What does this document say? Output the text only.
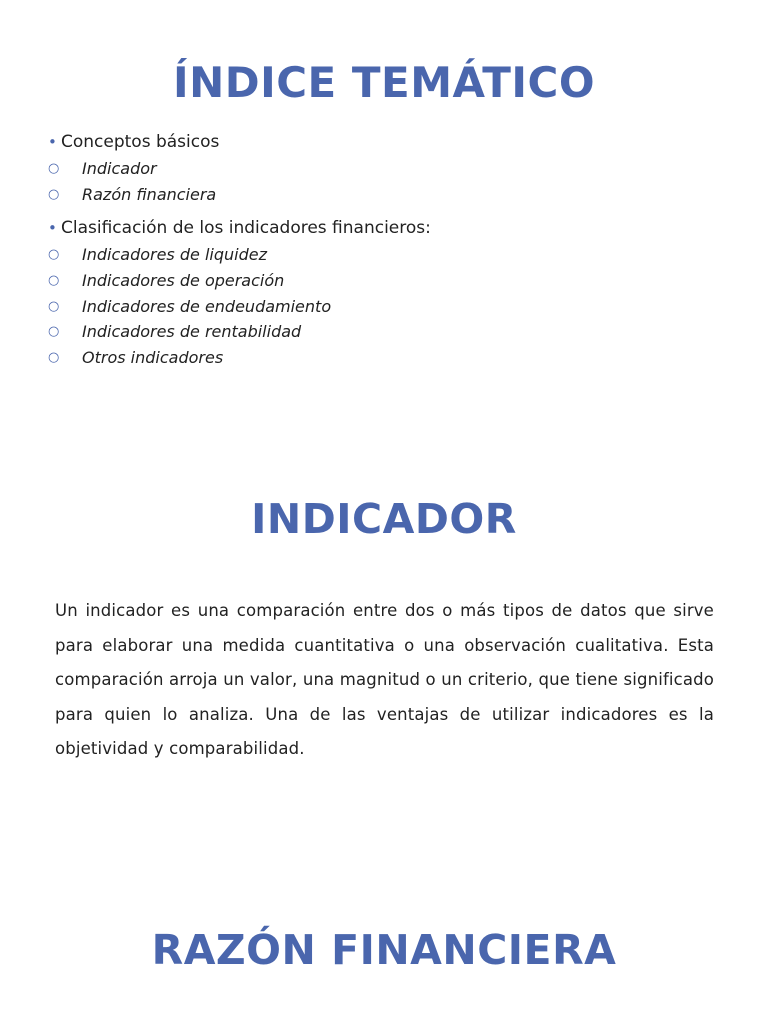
ÍNDICE TEMÁTICO
• Conceptos básicos
○	Indicador
○	Razón financiera
• Clasificación de los indicadores financieros:
○	Indicadores de liquidez
○	Indicadores de operación
○	Indicadores de endeudamiento
○	Indicadores de rentabilidad
○	Otros indicadores
INDICADOR

Un indicador es una comparación entre dos o más tipos de datos que sirve para elaborar una medida cuantitativa o una observación cualitativa. Esta comparación arroja un valor, una magnitud o un criterio, que tiene significado para quien lo analiza. Una de las ventajas de utilizar indicadores es la objetividad y comparabilidad.

RAZÓN FINANCIERA
